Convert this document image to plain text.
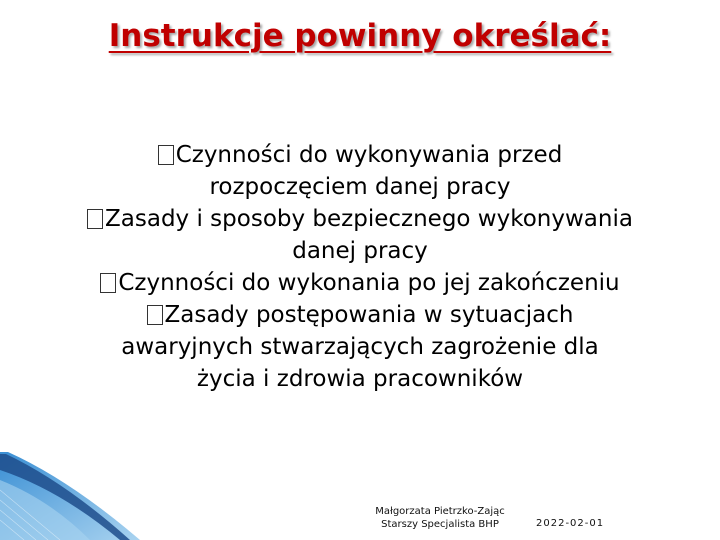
Instrukcje powinny określać:
Czynności do wykonywania przed
rozpoczęciem danej pracy
Zasady i sposoby bezpiecznego wykonywania
danej pracy
Czynności do wykonania po jej zakończeniu
Zasady postępowania w sytuacjach
awaryjnych stwarzających zagrożenie dla
życia i zdrowia pracowników
Małgorzata Pietrzko-Zając
Starszy Specjalista BHP	2022-02-01
